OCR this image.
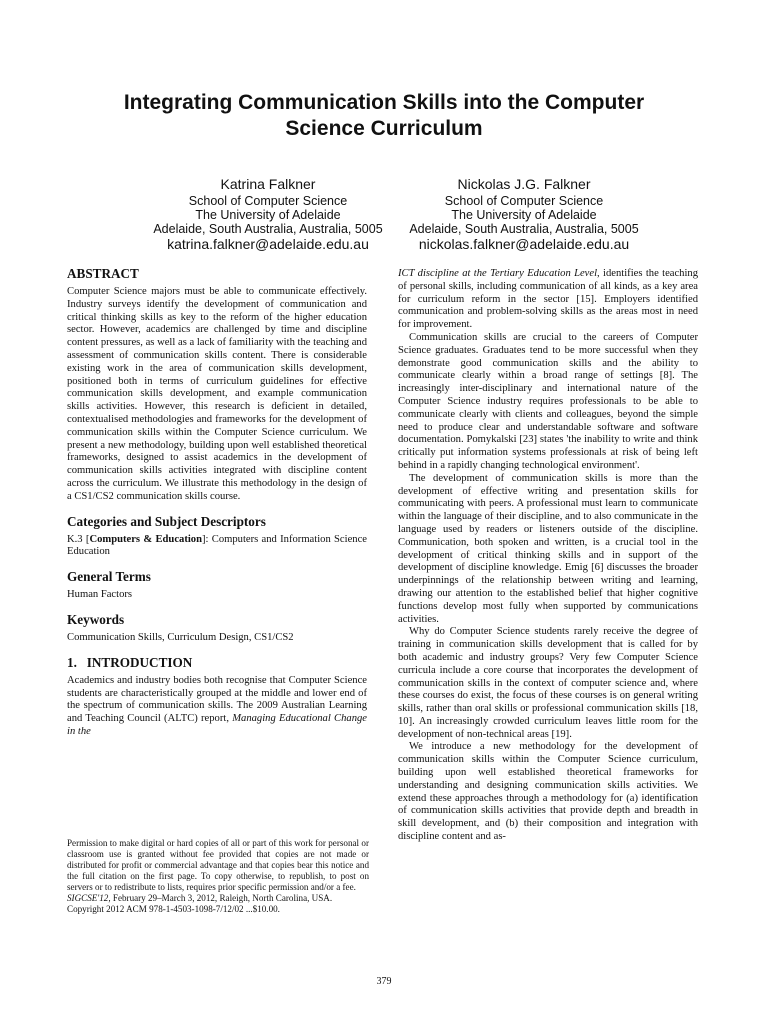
Integrating Communication Skills into the Computer
Science Curriculum
Katrina Falkner
School of Computer Science
The University of Adelaide
Adelaide, South Australia, Australia, 5005
katrina.falkner@adelaide.edu.au
Nickolas J.G. Falkner
School of Computer Science
The University of Adelaide
Adelaide, South Australia, Australia, 5005
nickolas.falkner@adelaide.edu.au
ABSTRACT

Computer Science majors must be able to communicate effectively. Industry surveys identify the development of communication and critical thinking skills as key to the reform of the higher education sector. However, academics are challenged by time and discipline content pressures, as well as a lack of familiarity with the teaching and assessment of communication skills content. There is considerable existing work in the area of communication skills development, positioned both in terms of curriculum guidelines for effective communication skills development, and example communication skills activities. However, this research is deficient in detailed, contextualised methodologies and frameworks for the development of communication skills within the Computer Science curriculum. We present a new methodology, building upon well established theoretical frameworks, designed to assist academics in the development of communication skills activities integrated with discipline content across the curriculum. We illustrate this methodology in the design of a CS1/CS2 communication skills course.

Categories and Subject Descriptors

K.3 [Computers & Education]: Computers and Information Science Education

General Terms

Human Factors

Keywords

Communication Skills, Curriculum Design, CS1/CS2

1.   INTRODUCTION

Academics and industry bodies both recognise that Computer Science students are characteristically grouped at the middle and lower end of the spectrum of communication skills. The 2009 Australian Learning and Teaching Council (ALTC) report, Managing Educational Change in the

Permission to make digital or hard copies of all or part of this work for personal or classroom use is granted without fee provided that copies are not made or distributed for profit or commercial advantage and that copies bear this notice and the full citation on the first page. To copy otherwise, to republish, to post on servers or to redistribute to lists, requires prior specific permission and/or a fee.
SIGCSE'12, February 29–March 3, 2012, Raleigh, North Carolina, USA.
Copyright 2012 ACM 978-1-4503-1098-7/12/02 ...$10.00.

ICT discipline at the Tertiary Education Level, identifies the teaching of personal skills, including communication of all kinds, as a key area for curriculum reform in the sector [15]. Employers identified communication and problem-solving skills as the areas most in need for improvement.

Communication skills are crucial to the careers of Computer Science graduates. Graduates tend to be more successful when they demonstrate good communication skills and the ability to communicate clearly within a broad range of settings [8]. The increasingly inter-disciplinary and international nature of the Computer Science industry requires professionals to be able to communicate clearly with clients and colleagues, beyond the simple need to produce clear and understandable software and software documentation. Pomykalski [23] states 'the inability to write and think critically put information systems professionals at risk of being left behind in a rapidly changing technological environment'.

The development of communication skills is more than the development of effective writing and presentation skills for communicating with peers. A professional must learn to communicate within the language of their discipline, and to also communicate in the language used by readers or listeners outside of the discipline. Communication, both spoken and written, is a crucial tool in the development of critical thinking skills and in support of the development of discipline knowledge. Emig [6] discusses the broader underpinnings of the relationship between writing and learning, drawing our attention to the established belief that higher cognitive functions develop most fully when supported by communications activities.

Why do Computer Science students rarely receive the degree of training in communication skills development that is called for by both academic and industry groups? Very few Computer Science curricula include a core course that incorporates the development of communication skills in the context of computer science and, where these courses do exist, the focus of these courses is on general writing skills, rather than oral skills or professional communication skills [18, 10]. An increasingly crowded curriculum leaves little room for the development of non-technical areas [19].

We introduce a new methodology for the development of communication skills within the Computer Science curriculum, building upon well established theoretical frameworks for understanding and designing communication skills activities. We extend these approaches through a methodology for (a) identification of communication skills activities that provide depth and breadth in skill development, and (b) their composition and integration with discipline content and as-

379
